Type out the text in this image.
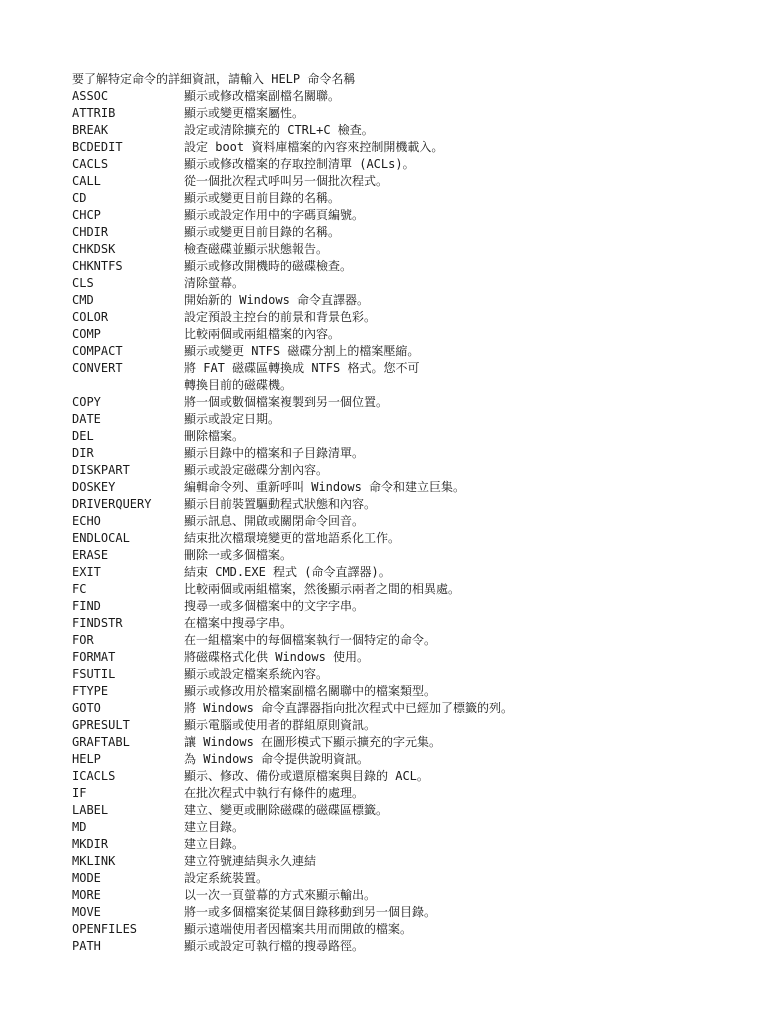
要了解特定命令的詳細資訊，請輸入 HELP 命令名稱
ASSOC	顯示或修改檔案副檔名關聯。
ATTRIB	顯示或變更檔案屬性。
BREAK	設定或清除擴充的 CTRL+C 檢查。
BCDEDIT	設定 boot 資料庫檔案的內容來控制開機載入。
CACLS	顯示或修改檔案的存取控制清單 (ACLs)。
CALL	從一個批次程式呼叫另一個批次程式。
CD	顯示或變更目前目錄的名稱。
CHCP	顯示或設定作用中的字碼頁編號。
CHDIR	顯示或變更目前目錄的名稱。
CHKDSK	檢查磁碟並顯示狀態報告。
CHKNTFS	顯示或修改開機時的磁碟檢查。
CLS	清除螢幕。
CMD	開始新的 Windows 命令直譯器。
COLOR	設定預設主控台的前景和背景色彩。
COMP	比較兩個或兩組檔案的內容。
COMPACT	顯示或變更 NTFS 磁碟分割上的檔案壓縮。
CONVERT	將 FAT 磁碟區轉換成 NTFS 格式。您不可
轉換目前的磁碟機。
COPY	將一個或數個檔案複製到另一個位置。
DATE	顯示或設定日期。
DEL	刪除檔案。
DIR	顯示目錄中的檔案和子目錄清單。
DISKPART	顯示或設定磁碟分割內容。
DOSKEY	編輯命令列、重新呼叫 Windows 命令和建立巨集。
DRIVERQUERY	顯示目前裝置驅動程式狀態和內容。
ECHO	顯示訊息、開啟或關閉命令回音。
ENDLOCAL	結束批次檔環境變更的當地語系化工作。
ERASE	刪除一或多個檔案。
EXIT	結束 CMD.EXE 程式 (命令直譯器)。
FC	比較兩個或兩組檔案，然後顯示兩者之間的相異處。
FIND	搜尋一或多個檔案中的文字字串。
FINDSTR	在檔案中搜尋字串。
FOR	在一組檔案中的每個檔案執行一個特定的命令。
FORMAT	將磁碟格式化供 Windows 使用。
FSUTIL	顯示或設定檔案系統內容。
FTYPE	顯示或修改用於檔案副檔名關聯中的檔案類型。
GOTO	將 Windows 命令直譯器指向批次程式中已經加了標籤的列。
GPRESULT	顯示電腦或使用者的群組原則資訊。
GRAFTABL	讓 Windows 在圖形模式下顯示擴充的字元集。
HELP	為 Windows 命令提供說明資訊。
ICACLS	顯示、修改、備份或還原檔案與目錄的 ACL。
IF	在批次程式中執行有條件的處理。
LABEL	建立、變更或刪除磁碟的磁碟區標籤。
MD	建立目錄。
MKDIR	建立目錄。
MKLINK	建立符號連結與永久連結
MODE	設定系統裝置。
MORE	以一次一頁螢幕的方式來顯示輸出。
MOVE	將一或多個檔案從某個目錄移動到另一個目錄。
OPENFILES	顯示遠端使用者因檔案共用而開啟的檔案。
PATH	顯示或設定可執行檔的搜尋路徑。
